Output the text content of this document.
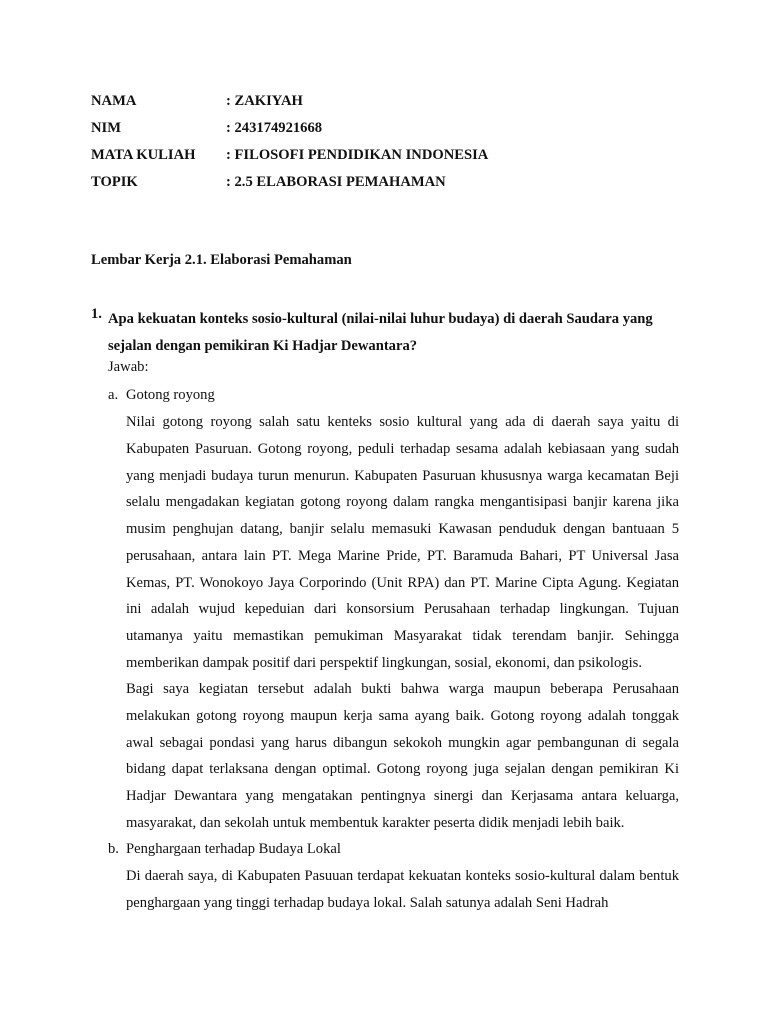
NAMA	: ZAKIYAH
NIM	: 243174921668
MATA KULIAH : FILOSOFI PENDIDIKAN INDONESIA
TOPIK	: 2.5 ELABORASI PEMAHAMAN
Lembar Kerja 2.1. Elaborasi Pemahaman
1. Apa kekuatan konteks sosio-kultural (nilai-nilai luhur budaya) di daerah Saudara yang sejalan dengan pemikiran Ki Hadjar Dewantara?
Jawab:
a. Gotong royong
Nilai gotong royong salah satu kenteks sosio kultural yang ada di daerah saya yaitu di Kabupaten Pasuruan. Gotong royong, peduli terhadap sesama adalah kebiasaan yang sudah yang menjadi budaya turun menurun. Kabupaten Pasuruan khususnya warga kecamatan Beji selalu mengadakan kegiatan gotong royong dalam rangka mengantisipasi banjir karena jika musim penghujan datang, banjir selalu memasuki Kawasan penduduk dengan bantuaan 5 perusahaan, antara lain PT. Mega Marine Pride, PT. Baramuda Bahari, PT Universal Jasa Kemas, PT. Wonokoyo Jaya Corporindo (Unit RPA) dan PT. Marine Cipta Agung. Kegiatan ini adalah wujud kepeduian dari konsorsium Perusahaan terhadap lingkungan. Tujuan utamanya yaitu memastikan pemukiman Masyarakat tidak terendam banjir. Sehingga memberikan dampak positif dari perspektif lingkungan, sosial, ekonomi, dan psikologis.
Bagi saya kegiatan tersebut adalah bukti bahwa warga maupun beberapa Perusahaan melakukan gotong royong maupun kerja sama ayang baik. Gotong royong adalah tonggak awal sebagai pondasi yang harus dibangun sekokoh mungkin agar pembangunan di segala bidang dapat terlaksana dengan optimal. Gotong royong juga sejalan dengan pemikiran Ki Hadjar Dewantara yang mengatakan pentingnya sinergi dan Kerjasama antara keluarga, masyarakat, dan sekolah untuk membentuk karakter peserta didik menjadi lebih baik.
b. Penghargaan terhadap Budaya Lokal
Di daerah saya, di Kabupaten Pasuuan terdapat kekuatan konteks sosio-kultural dalam bentuk penghargaan yang tinggi terhadap budaya lokal. Salah satunya adalah Seni Hadrah
